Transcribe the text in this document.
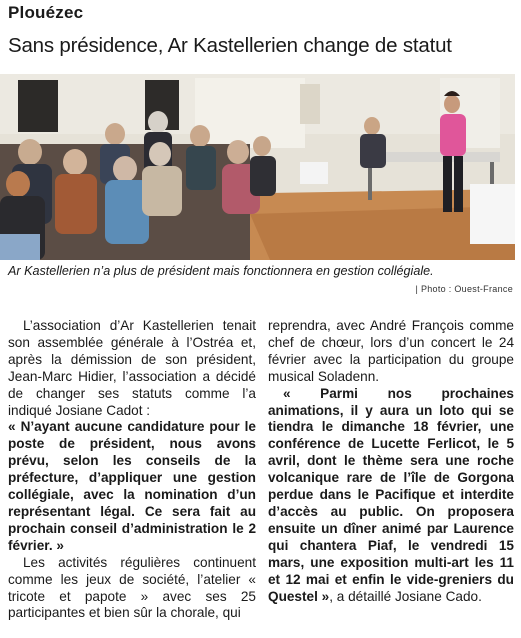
Plouézec
Sans présidence, Ar Kastellerien change de statut
Ar Kastellerien n’a plus de président mais fonctionnera en gestion collégiale.
| Photo : Ouest-France

L’association d’Ar Kastellerien tenait son assemblée générale à l’Ostréa et, après la démission de son président, Jean-Marc Hidier, l’association a décidé de changer ses statuts comme l’a indiqué Josiane Cadot :

« N’ayant aucune candidature pour le poste de président, nous avons prévu, selon les conseils de la préfecture, d’appliquer une gestion collégiale, avec la nomination d’un représentant légal. Ce sera fait au prochain conseil d’administration le 2 février. »

Les activités régulières continuent comme les jeux de société, l’atelier « tricote et papote » avec ses 25 participantes et bien sûr la chorale, qui

reprendra, avec André François comme chef de chœur, lors d’un concert le 24 février avec la participation du groupe musical Soladenn.

« Parmi nos prochaines animations, il y aura un loto qui se tiendra le dimanche 18 février, une conférence de Lucette Ferlicot, le 5 avril, dont le thème sera une roche volcanique rare de l’île de Gorgona perdue dans le Pacifique et interdite d’accès au public. On proposera ensuite un dîner animé par Laurence qui chantera Piaf, le vendredi 15 mars, une exposition multi-art les 11 et 12 mai et enfin le vide-greniers du Questel », a détaillé Josiane Cado.
